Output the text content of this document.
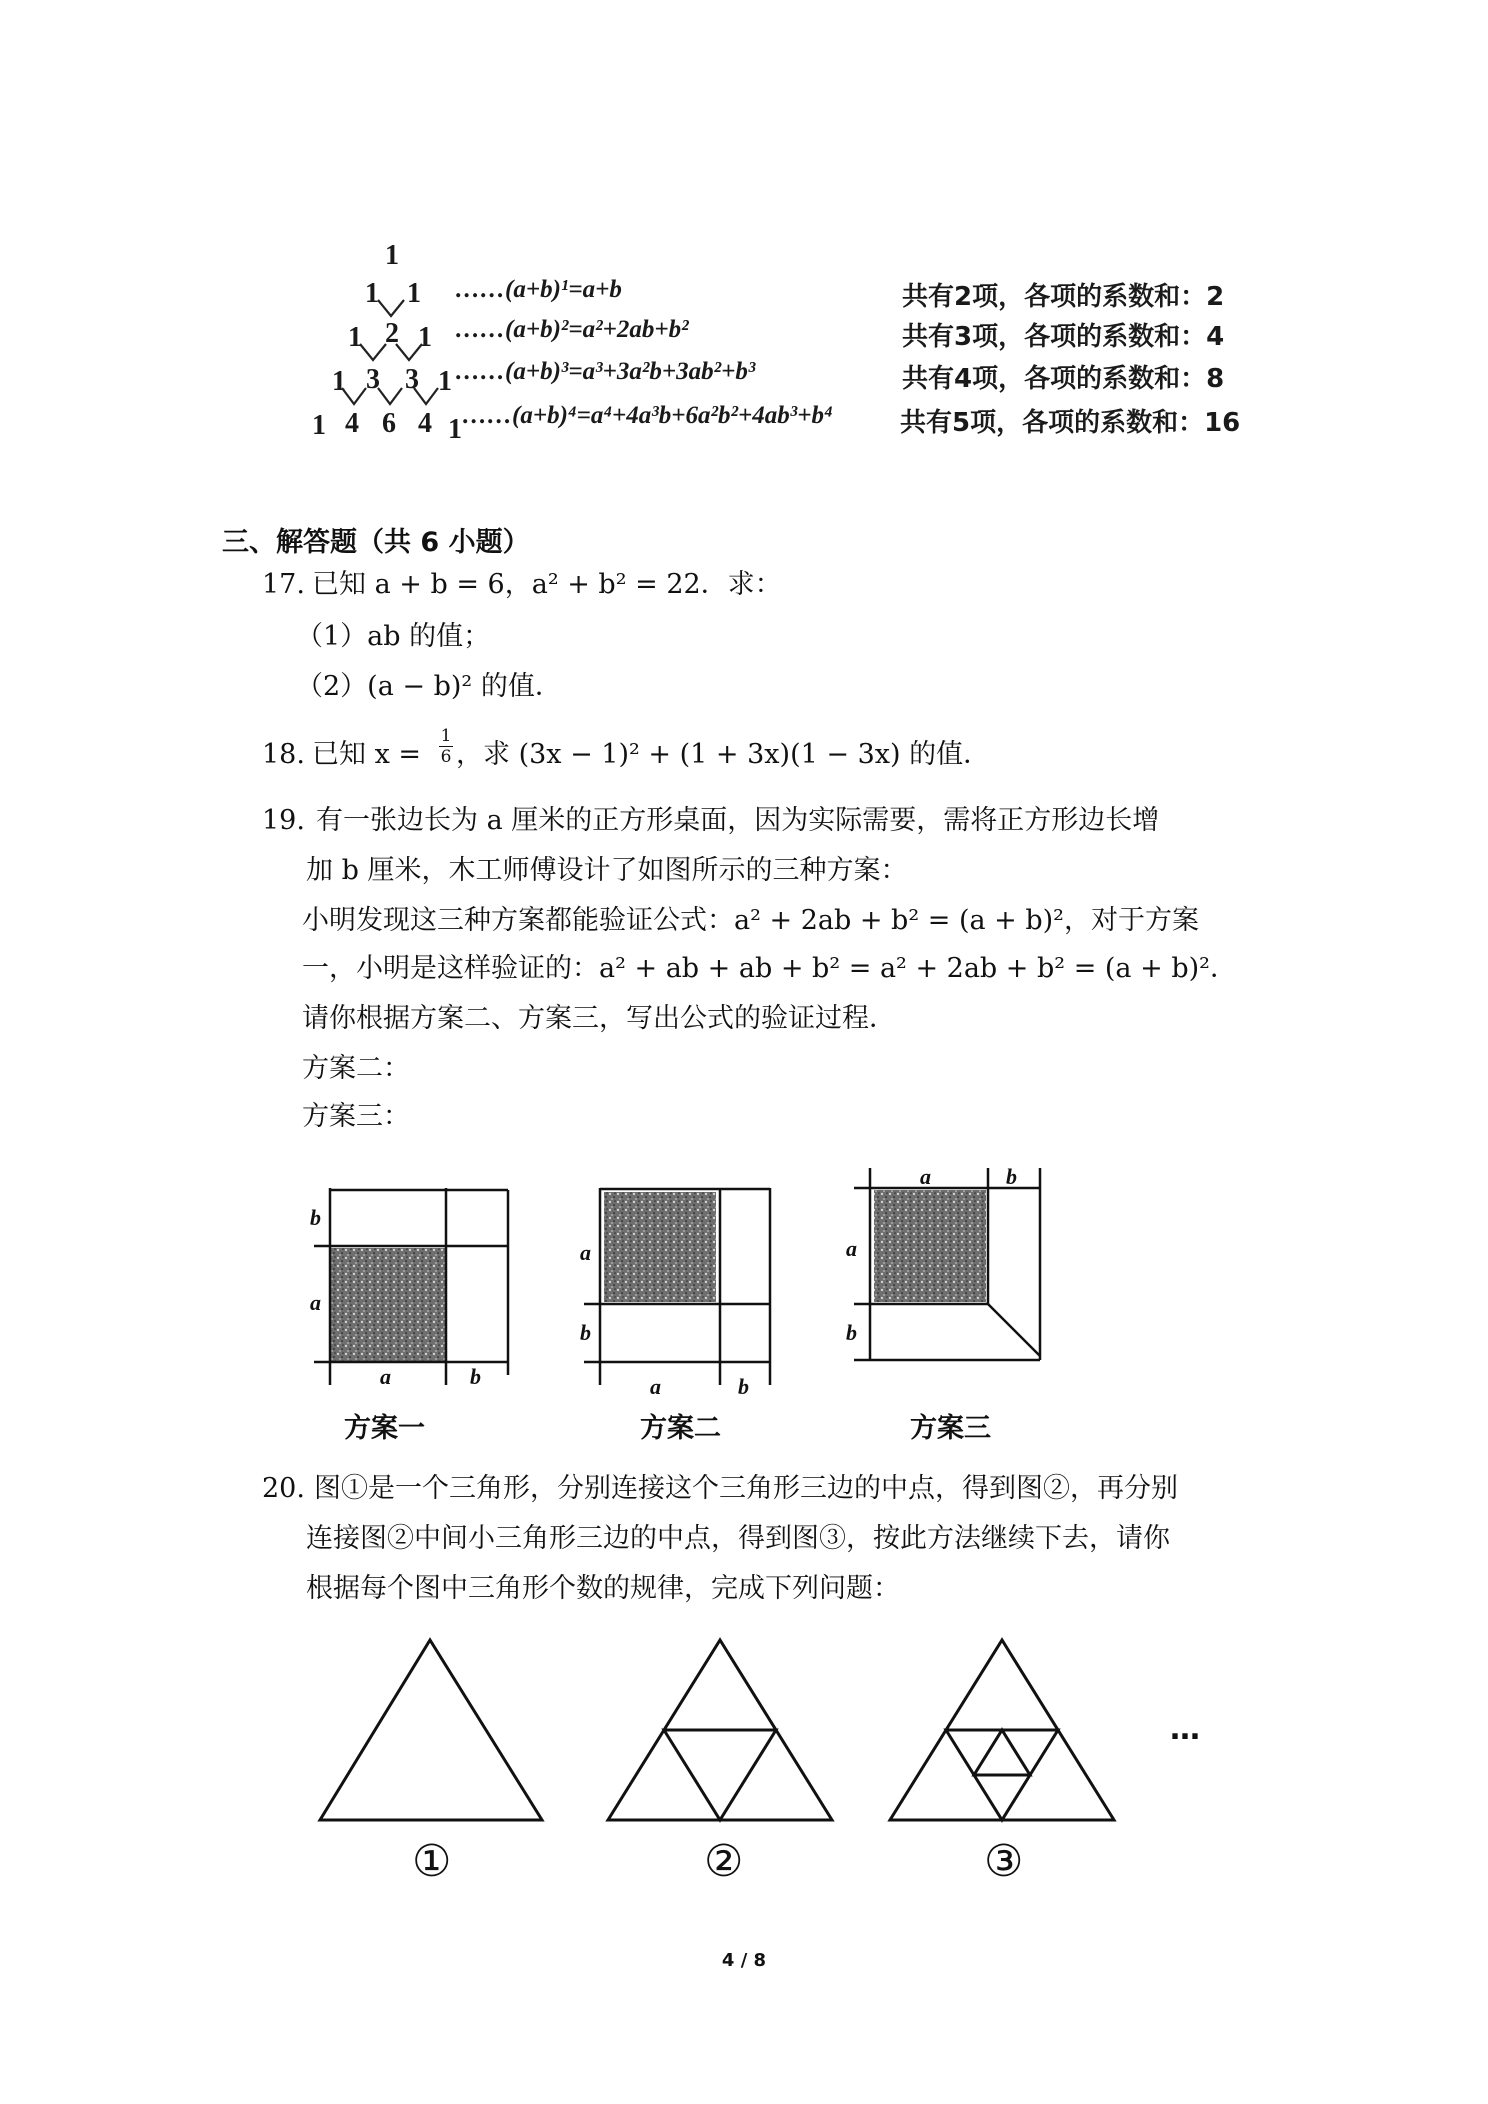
1
1 1 ……(a+b)¹=a+b	共有2项，各项的系数和：2
1 2 1 ……(a+b)²=a²+2ab+b²	共有3项，各项的系数和：4
1 3 3 1 ……(a+b)³=a³+3a²b+3ab²+b³	共有4项，各项的系数和：8
1 4 6 4 1 ……(a+b)⁴=a⁴+4a³b+6a²b²+4ab³+b⁴	共有5项，各项的系数和：16
三、解答题（共 6 小题）
17. 已知 a + b = 6，a² + b² = 22．求：
（1）ab 的值；
（2）(a − b)² 的值．
18. 已知 x =
1
6 ，求 (3x − 1)² + (1 + 3x)(1 − 3x) 的值．
19. 有一张边长为 a 厘米的正方形桌面，因为实际需要，需将正方形边长增
加 b 厘米，木工师傅设计了如图所示的三种方案：
小明发现这三种方案都能验证公式：a² + 2ab + b² = (a + b)²，对于方案
一，小明是这样验证的：a² + ab + ab + b² = a² + 2ab + b² = (a + b)²．
请你根据方案二、方案三，写出公式的验证过程．
方案二：
方案三：
b
a
a	b
a
b
a	b
a	b
a
b
方案一	方案二	方案三
20. 图①是一个三角形，分别连接这个三角形三边的中点，得到图②，再分别
连接图②中间小三角形三边的中点，得到图③，按此方法继续下去，请你
根据每个图中三角形个数的规律，完成下列问题：
①	②	③
…
4 / 8
